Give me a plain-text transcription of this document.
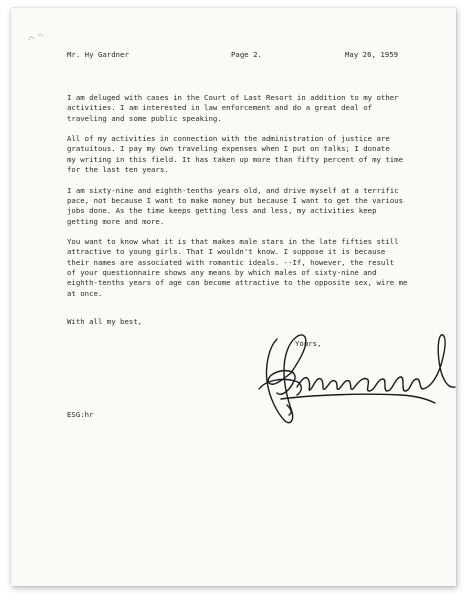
Mr. Hy Gardner	Page 2.	May 26, 1959
I am deluged with cases in the Court of Last Resort in addition to my other
activities. I am interested in law enforcement and do a great deal of
traveling and some public speaking.
All of my activities in connection with the administration of justice are
gratuitous. I pay my own traveling expenses when I put on talks; I donate
my writing in this field. It has taken up more than fifty percent of my time
for the last ten years.
I am sixty-nine and eighth-tenths years old, and drive myself at a terrific
pace, not because I want to make money but because I want to get the various
jobs done. As the time keeps getting less and less, my activities keep
getting more and more.
You want to know what it is that makes male stars in the late fifties still
attractive to young girls. That I wouldn't know. I suppose it is because
their names are associated with romantic ideals. --If, however, the result
of your questionnaire shows any means by which males of sixty-nine and
eighth-tenths years of age can become attractive to the opposite sex, wire me
at once.
With all my best,
Yours,
ESG:hr
